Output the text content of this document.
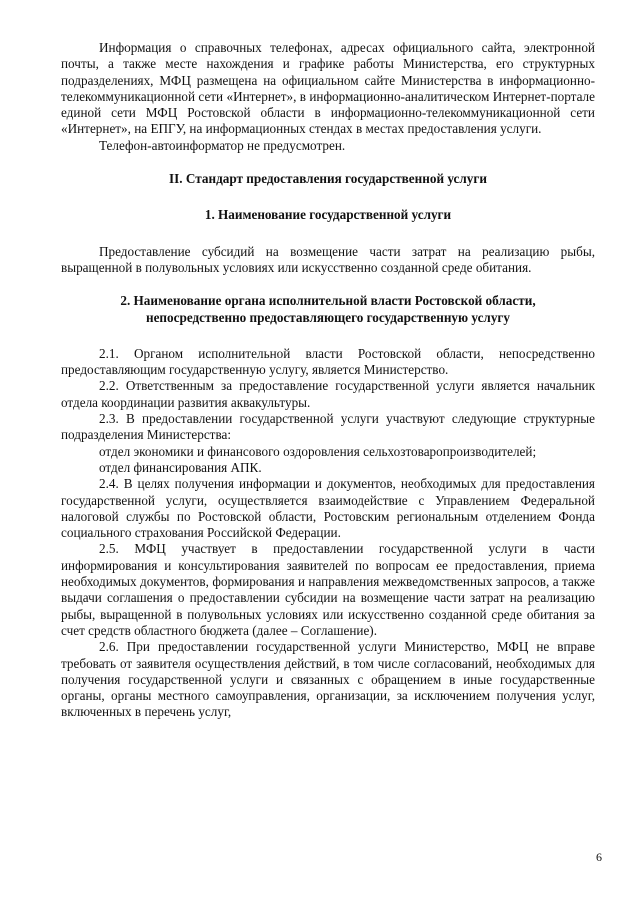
Информация о справочных телефонах, адресах официального сайта, электронной почты, а также месте нахождения и графике работы Министерства, его структурных подразделениях, МФЦ размещена на официальном сайте Министерства в информационно-телекоммуникационной сети «Интернет», в информационно-аналитическом Интернет-портале единой сети МФЦ Ростовской области в информационно-телекоммуникационной сети «Интернет», на ЕПГУ, на информационных стендах в местах предоставления услуги.

Телефон-автоинформатор не предусмотрен.

II. Стандарт предоставления государственной услуги

1. Наименование государственной услуги

Предоставление субсидий на возмещение части затрат на реализацию рыбы, выращенной в полувольных условиях или искусственно созданной среде обитания.

2. Наименование органа исполнительной власти Ростовской области,

непосредственно предоставляющего государственную услугу

2.1. Органом исполнительной власти Ростовской области, непосредственно предоставляющим государственную услугу, является Министерство.

2.2. Ответственным за предоставление государственной услуги является начальник отдела координации развития аквакультуры.

2.3. В предоставлении государственной услуги участвуют следующие структурные подразделения Министерства:

отдел экономики и финансового оздоровления сельхозтоваропроизводителей;

отдел финансирования АПК.

2.4. В целях получения информации и документов, необходимых для предоставления государственной услуги, осуществляется взаимодействие с Управлением Федеральной налоговой службы по Ростовской области, Ростовским региональным отделением Фонда социального страхования Российской Федерации.

2.5. МФЦ участвует в предоставлении государственной услуги в части информирования и консультирования заявителей по вопросам ее предоставления, приема необходимых документов, формирования и направления межведомственных запросов, а также выдачи соглашения о предоставлении субсидии на возмещение части затрат на реализацию рыбы, выращенной в полувольных условиях или искусственно созданной среде обитания за счет средств областного бюджета (далее – Соглашение).

2.6. При предоставлении государственной услуги Министерство, МФЦ не вправе требовать от заявителя осуществления действий, в том числе согласований, необходимых для получения государственной услуги и связанных с обращением в иные государственные органы, органы местного самоуправления, организации, за исключением получения услуг, включенных в перечень услуг,

6
